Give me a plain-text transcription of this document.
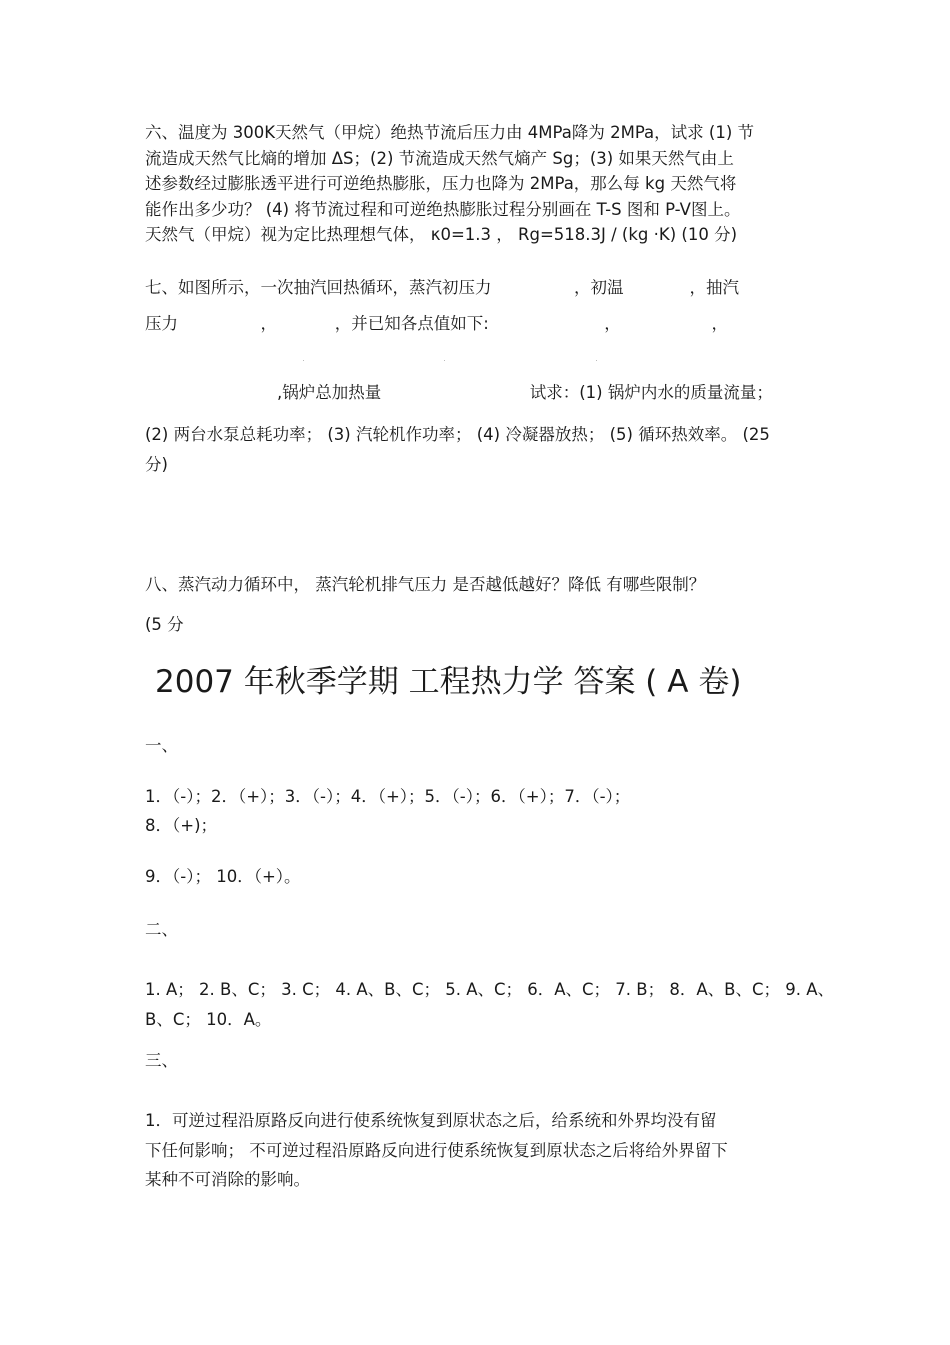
六、温度为 300K天然气（甲烷）绝热节流后压力由 4MPa降为 2MPa，试求 (1) 节
流造成天然气比熵的增加 ΔS；(2) 节流造成天然气熵产 Sg；(3) 如果天然气由上
述参数经过膨胀透平进行可逆绝热膨胀，压力也降为 2MPa，那么每 kg 天然气将
能作出多少功？ (4) 将节流过程和可逆绝热膨胀过程分别画在 T-S 图和 P-V图上。
天然气（甲烷）视为定比热理想气体， κ0=1.3 ， Rg=518.3J / (kg ·K) (10 分)
七、如图所示，一次抽汽回热循环，蒸汽初压力　　　　　，初温　　　　，抽汽
压力　　　　　，　　　　，并已知各点值如下:　　　　　　　，　　　　　　，
　　　　　　　　,锅炉总加热量　　　　　　　　　试求：(1) 锅炉内水的质量流量；
(2) 两台水泵总耗功率； (3) 汽轮机作功率； (4) 冷凝器放热； (5) 循环热效率。 (25
分)
八、蒸汽动力循环中， 蒸汽轮机排气压力 是否越低越好？降低 有哪些限制？
(5 分
2007 年秋季学期 工程热力学 答案 ( A 卷)
一、
1．（-）；2．（+）；3．（-）；4．（+）；5．（-）；6．（+）；7．（-）；
8．（+)；
9．（-）； 10．（+）。
二、
1. A； 2. B、C； 3. C； 4. A、B、C； 5. A、C； 6．A、C； 7. B； 8．A、B、C； 9. A、
B、C； 10．A。
三、
1．可逆过程沿原路反向进行使系统恢复到原状态之后，给系统和外界均没有留
下任何影响； 不可逆过程沿原路反向进行使系统恢复到原状态之后将给外界留下
某种不可消除的影响。
